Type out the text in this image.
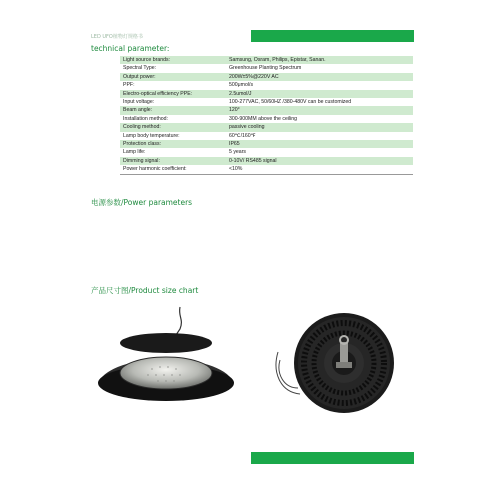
LED UFO植物灯规格书
technical parameter:
Light source brands:	Samsung, Osram, Philips, Epistar, Sanan.
Spectral Type:	Greenhouse Planting Spectrum
Output power:	200W±5%@220V AC
PPF:	500μmol/s
Electro-optical efficiency PPE:	2.5umol/J
Input voltage:	100-277VAC, 50/60HZ /380-480V can be customized
Beam angle:	120°
Installation method:	300-900MM above the ceiling
Cooling method:	passive cooling
Lamp body temperature:	60℃/160℉
Protection class:	IP65
Lamp life:	5 years
Dimming signal:	0-10V/ RS485 signal
Power harmonic coefficient:	<10%
电源参数/Power parameters
产品尺寸图/Product size chart
